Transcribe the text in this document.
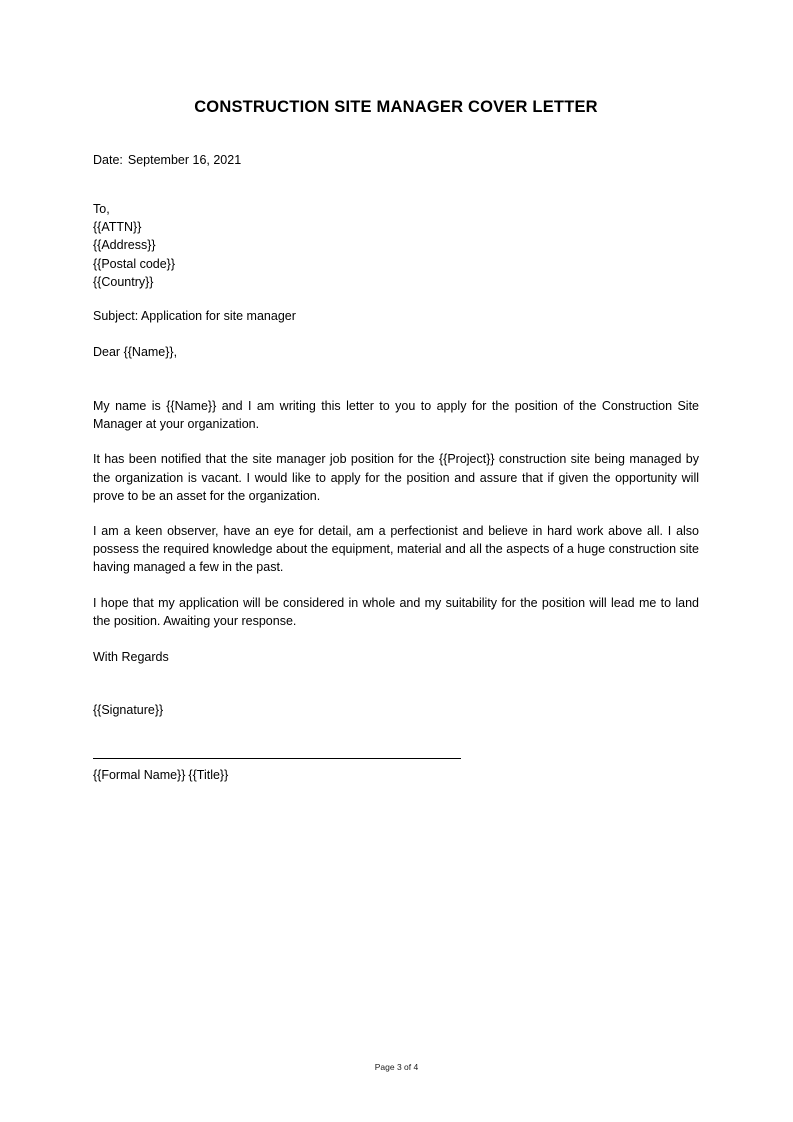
CONSTRUCTION SITE MANAGER COVER LETTER
Date: September 16, 2021
To,
{{ATTN}}
{{Address}}
{{Postal code}}
{{Country}}
Subject: Application for site manager
Dear {{Name}},

My name is {{Name}} and I am writing this letter to you to apply for the position of the Construction Site Manager at your organization.

It has been notified that the site manager job position for the {{Project}} construction site being managed by the organization is vacant. I would like to apply for the position and assure that if given the opportunity will prove to be an asset for the organization.

I am a keen observer, have an eye for detail, am a perfectionist and believe in hard work above all. I also possess the required knowledge about the equipment, material and all the aspects of a huge construction site having managed a few in the past.

I hope that my application will be considered in whole and my suitability for the position will lead me to land the position. Awaiting your response.

With Regards
{{Signature}}
{{Formal Name}} {{Title}}
Page 3 of 4
